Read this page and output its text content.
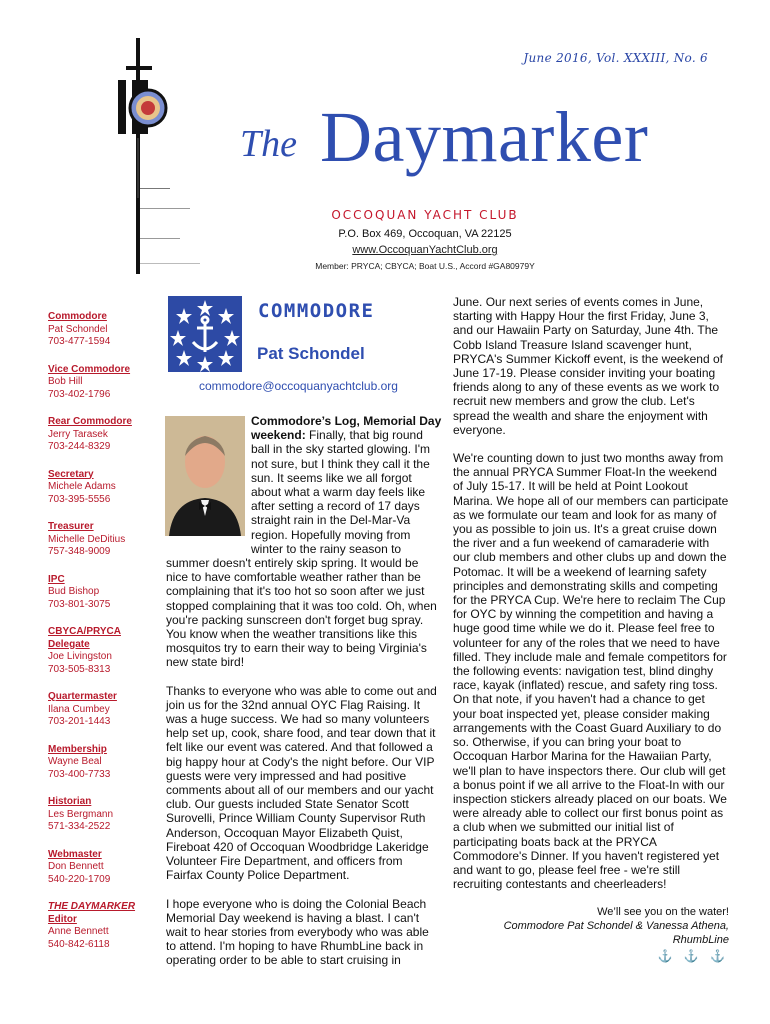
June 2016, Vol. XXXIII, No. 6
The Daymarker
OCCOQUAN YACHT CLUB
P.O. Box 469, Occoquan, VA 22125
www.OccoquanYachtClub.org
Member: PRYCA; CBYCA; Boat U.S., Accord #GA80979Y
Commodore
Pat Schondel
703-477-1594
Vice Commodore
Bob Hill
703-402-1796
Rear Commodore
Jerry Tarasek
703-244-8329
Secretary
Michele Adams
703-395-5556
Treasurer
Michelle DeDitius
757-348-9009
IPC
Bud Bishop
703-801-3075
CBYCA/PRYCA
Delegate
Joe Livingston
703-505-8313
Quartermaster
Ilana Cumbey
703-201-1443
Membership
Wayne Beal
703-400-7733
Historian
Les Bergmann
571-334-2522
Webmaster
Don Bennett
540-220-1709
THE DAYMARKER
Editor
Anne Bennett
540-842-6118
COMMODORE
Pat Schondel
commodore@occoquanyachtclub.org

Commodore’s Log, Memorial Day weekend: Finally, that big round ball in the sky started glowing. I'm not sure, but I think they call it the sun. It seems like we all forgot about what a warm day feels like after setting a record of 17 days straight rain in the Del-Mar-Va region. Hopefully moving from winter to the rainy season to summer doesn't entirely skip spring. It would be nice to have comfortable weather rather than be complaining that it's too hot so soon after we just stopped complaining that it was too cold. Oh, when you're packing sunscreen don't forget bug spray. You know when the weather transitions like this mosquitos try to earn their way to being Virginia's new state bird!

Thanks to everyone who was able to come out and join us for the 32nd annual OYC Flag Raising. It was a huge success. We had so many volunteers help set up, cook, share food, and tear down that it felt like our event was catered. And that followed a big happy hour at Cody's the night before. Our VIP guests were very impressed and had positive comments about all of our members and our yacht club. Our guests included State Senator Scott Surovelli, Prince William County Supervisor Ruth Anderson, Occoquan Mayor Elizabeth Quist, Fireboat 420 of Occoquan Woodbridge Lakeridge Volunteer Fire Department, and officers from Fairfax County Police Department.

I hope everyone who is doing the Colonial Beach Memorial Day weekend is having a blast. I can't wait to hear stories from everybody who was able to attend. I'm hoping to have RhumbLine back in operating order to be able to start cruising in

June. Our next series of events comes in June, starting with Happy Hour the first Friday, June 3, and our Hawaiin Party on Saturday, June 4th. The Cobb Island Treasure Island scavenger hunt, PRYCA's Summer Kickoff event, is the weekend of June 17-19. Please consider inviting your boating friends along to any of these events as we work to recruit new members and grow the club. Let's spread the wealth and share the enjoyment with everyone.

We're counting down to just two months away from the annual PRYCA Summer Float-In the weekend of July 15-17. It will be held at Point Lookout Marina. We hope all of our members can participate as we formulate our team and look for as many of you as possible to join us. It's a great cruise down the river and a fun weekend of camaraderie with our club members and other clubs up and down the Potomac. It will be a weekend of learning safety principles and demonstrating skills and competing for the PRYCA Cup. We're here to reclaim The Cup for OYC by winning the competition and having a huge good time while we do it. Please feel free to volunteer for any of the roles that we need to have filled. They include male and female competitors for the following events: navigation test, blind dinghy race, kayak (inflated) rescue, and safety ring toss. On that note, if you haven't had a chance to get your boat inspected yet, please consider making arrangements with the Coast Guard Auxiliary to do so. Otherwise, if you can bring your boat to Occoquan Harbor Marina for the Hawaiian Party, we'll plan to have inspectors there. Our club will get a bonus point if we all arrive to the Float-In with our inspection stickers already placed on our boats. We were already able to collect our first bonus point as a club when we submitted our initial list of participating boats back at the PRYCA Commodore's Dinner. If you haven't registered yet and want to go, please feel free - we're still recruiting contestants and cheerleaders!

We’ll see you on the water!
Commodore Pat Schondel & Vanessa Athena,
RhumbLine
⚓ ⚓ ⚓
